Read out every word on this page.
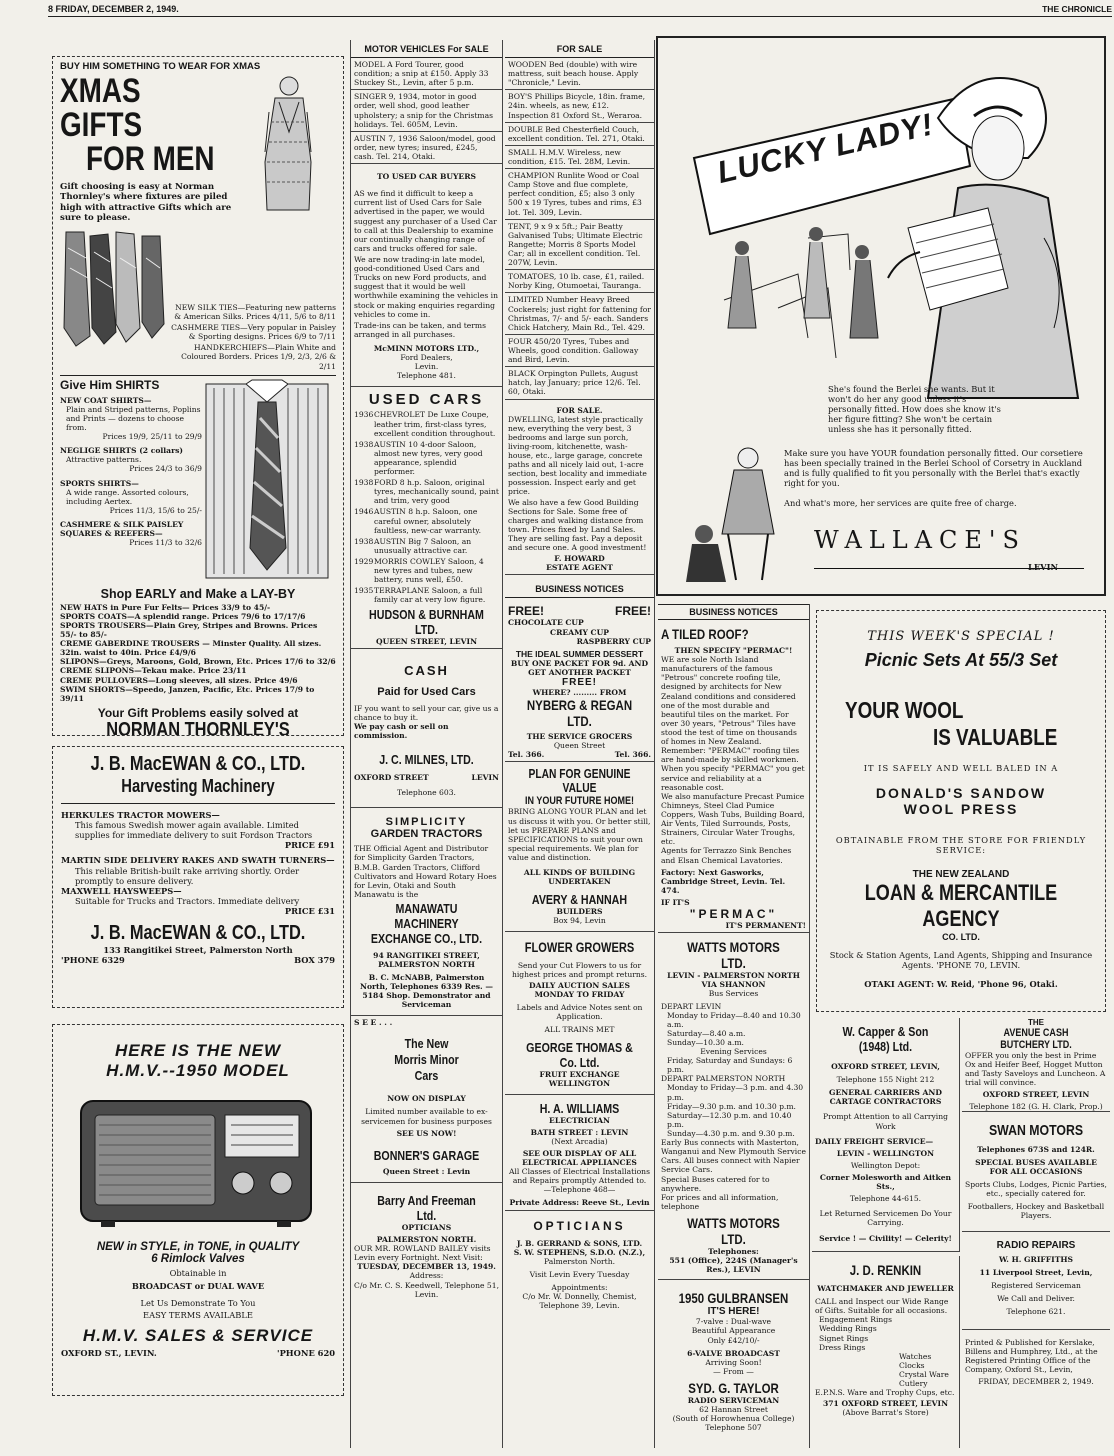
8 FRIDAY, DECEMBER 2, 1949.	THE CHRONICLE
BUY HIM SOMETHING TO WEAR FOR XMAS
XMAS GIFTS
FOR MEN
Gift choosing is easy at Norman Thornley's where fixtures are piled high with attractive Gifts which are sure to please.
NEW SILK TIES—Featuring new patterns & American Silks. Prices 4/11, 5/6 to 8/11
CASHMERE TIES—Very popular in Paisley & Sporting designs. Prices 6/9 to 7/11
HANDKERCHIEFS—Plain White and Coloured Borders. Prices 1/9, 2/3, 2/6 & 2/11
Give Him SHIRTS
NEW COAT SHIRTS—
Plain and Striped patterns, Poplins and Prints — dozens to choose from.
Prices 19/9, 25/11 to 29/9
NEGLIGE SHIRTS (2 collars)
Attractive patterns.
Prices 24/3 to 36/9
SPORTS SHIRTS—
A wide range. Assorted colours, including Aertex.
Prices 11/3, 15/6 to 25/-
CASHMERE & SILK PAISLEY SQUARES & REEFERS—
Prices 11/3 to 32/6
Shop EARLY and Make a LAY-BY
NEW HATS in Pure Fur Felts— Prices 33/9 to 45/-
SPORTS COATS—A splendid range. Prices 79/6 to 17/17/6
SPORTS TROUSERS—Plain Grey, Stripes and Browns. Prices 55/- to 85/-
CREME GABERDINE TROUSERS — Minster Quality. All sizes. 32in. waist to 40in. Price £4/9/6
SLIPONS—Greys, Maroons, Gold, Brown, Etc. Prices 17/6 to 32/6
CREME SLIPONS—Tekau make. Price 23/11
CREME PULLOVERS—Long sleeves, all sizes. Price 49/6
SWIM SHORTS—Speedo, Janzen, Pacific, Etc. Prices 17/9 to 39/11
Your Gift Problems easily solved at
NORMAN THORNLEY'S
J. B. MacEWAN & CO., LTD.
Harvesting Machinery
HERKULES TRACTOR MOWERS—
This famous Swedish mower again available. Limited supplies for immediate delivery to suit Fordson Tractors
PRICE £91
MARTIN SIDE DELIVERY RAKES AND SWATH TURNERS—
This reliable British-built rake arriving shortly. Order promptly to ensure delivery.
MAXWELL HAYSWEEPS—
Suitable for Trucks and Tractors. Immediate delivery
PRICE £31
J. B. MacEWAN & CO., LTD.
133 Rangitikei Street, Palmerston North
'PHONE 6329	BOX 379
HERE IS THE NEW
H.M.V.--1950 MODEL
NEW in STYLE, in TONE, in QUALITY
6 Rimlock Valves
Obtainable in
BROADCAST or DUAL WAVE
Let Us Demonstrate To You
EASY TERMS AVAILABLE
H.M.V. SALES & SERVICE
OXFORD ST., LEVIN.	'PHONE 620
MOTOR VEHICLES For SALE
MODEL A Ford Tourer, good condition; a snip at £150. Apply 33 Stuckey St., Levin, after 5 p.m.
SINGER 9, 1934, motor in good order, well shod, good leather upholstery; a snip for the Christmas holidays. Tel. 605M, Levin.
AUSTIN 7, 1936 Saloon/model, good order, new tyres; insured, £245, cash. Tel. 214, Otaki.
TO USED CAR BUYERS
AS we find it difficult to keep a current list of Used Cars for Sale advertised in the paper, we would suggest any purchaser of a Used Car to call at this Dealership to examine our continually changing range of cars and trucks offered for sale.
We are now trading-in late model, good-conditioned Used Cars and Trucks on new Ford products, and suggest that it would be well worthwhile examining the vehicles in stock or making enquiries regarding vehicles to come in.
Trade-ins can be taken, and terms arranged in all purchases.
McMINN MOTORS LTD.,
Ford Dealers,
Levin.
Telephone 481.
USED CARS
1936 CHEVROLET De Luxe Coupe, leather trim, first-class tyres, excellent condition throughout.
1938 AUSTIN 10 4-door Saloon, almost new tyres, very good appearance, splendid performer.
1938 FORD 8 h.p. Saloon, original tyres, mechanically sound, paint and trim, very good
1946 AUSTIN 8 h.p. Saloon, one careful owner, absolutely faultless, new-car warranty.
1938 AUSTIN Big 7 Saloon, an unusually attractive car.
1929 MORRIS COWLEY Saloon, 4 new tyres and tubes, new battery, runs well, £50.
1935 TERRAPLANE Saloon, a full family car at very low figure.
HUDSON & BURNHAM LTD.
QUEEN STREET, LEVIN
CASH
Paid for Used Cars
IF you want to sell your car, give us a chance to buy it.
We pay cash or sell on commission.
J. C. MILNES, LTD.
OXFORD STREET	LEVIN
Telephone 603.
SIMPLICITY
GARDEN TRACTORS
THE Official Agent and Distributor for Simplicity Garden Tractors, B.M.B. Garden Tractors, Clifford Cultivators and Howard Rotary Hoes for Levin, Otaki and South Manawatu is the
MANAWATU MACHINERY EXCHANGE CO., LTD.
94 RANGITIKEI STREET, PALMERSTON NORTH
B. C. McNABB, Palmerston North, Telephones 6339 Res. — 5184 Shop. Demonstrator and Serviceman
S E E . . .
The New
Morris Minor
Cars
NOW ON DISPLAY
Limited number available to ex-servicemen for business purposes
SEE US NOW!
BONNER'S GARAGE
Queen Street : Levin
Barry And Freeman Ltd.
OPTICIANS
PALMERSTON NORTH.
OUR MR. ROWLAND BAILEY visits Levin every Fortnight. Next Visit:
TUESDAY, DECEMBER 13, 1949.
Address:
C/o Mr. C. S. Keedwell, Telephone 51, Levin.
FOR SALE
WOODEN Bed (double) with wire mattress, suit beach house. Apply "Chronicle," Levin.
BOY'S Phillips Bicycle, 18in. frame, 24in. wheels, as new, £12. Inspection 81 Oxford St., Weraroa.
DOUBLE Bed Chesterfield Couch, excellent condition. Tel. 271, Otaki.
SMALL H.M.V. Wireless, new condition, £15. Tel. 28M, Levin.
CHAMPION Runlite Wood or Coal Camp Stove and flue complete, perfect condition, £5; also 3 only 500 x 19 Tyres, tubes and rims, £3 lot. Tel. 309, Levin.
TENT, 9 x 9 x 5ft.; Pair Beatty Galvanised Tubs; Ultimate Electric Rangette; Morris 8 Sports Model Car; all in excellent condition. Tel. 207W, Levin.
TOMATOES, 10 lb. case, £1, railed. Norby King, Otumoetai, Tauranga.
LIMITED Number Heavy Breed Cockerels; just right for fattening for Christmas, 7/- and 5/- each. Sanders Chick Hatchery, Main Rd., Tel. 429.
FOUR 450/20 Tyres, Tubes and Wheels, good condition. Galloway and Bird, Levin.
BLACK Orpington Pullets, August hatch, lay January; price 12/6. Tel. 60, Otaki.
FOR SALE.
DWELLING, latest style practically new, everything the very best, 3 bedrooms and large sun porch, living-room, kitchenette, wash-house, etc., large garage, concrete paths and all nicely laid out, 1-acre section, best locality and immediate possession. Inspect early and get price.
We also have a few Good Building Sections for Sale. Some free of charges and walking distance from town. Prices fixed by Land Sales. They are selling fast. Pay a deposit and secure one. A good investment!
F. HOWARD
ESTATE AGENT
BUSINESS NOTICES
FREE!	FREE!
CHOCOLATE CUP
CREAMY CUP
RASPBERRY CUP
THE IDEAL SUMMER DESSERT
BUY ONE PACKET FOR 9d. AND GET ANOTHER PACKET
FREE!
WHERE? ......... FROM
NYBERG & REGAN LTD.
THE SERVICE GROCERS
Queen Street
Tel. 366.	Tel. 366.
PLAN FOR GENUINE VALUE
IN YOUR FUTURE HOME!
BRING ALONG YOUR PLAN and let us discuss it with you. Or better still, let us PREPARE PLANS and SPECIFICATIONS to suit your own special requirements. We plan for value and distinction.
ALL KINDS OF BUILDING UNDERTAKEN
AVERY & HANNAH
BUILDERS
Box 94, Levin
FLOWER GROWERS
Send your Cut Flowers to us for highest prices and prompt returns.
DAILY AUCTION SALES MONDAY TO FRIDAY
Labels and Advice Notes sent on Application.
ALL TRAINS MET
GEORGE THOMAS & Co. Ltd.
FRUIT EXCHANGE
WELLINGTON
H. A. WILLIAMS
ELECTRICIAN
BATH STREET : LEVIN
(Next Arcadia)
SEE OUR DISPLAY OF ALL ELECTRICAL APPLIANCES
All Classes of Electrical Installations and Repairs promptly Attended to.
—Telephone 468—
Private Address: Reeve St., Levin
OPTICIANS
J. B. GERRAND & SONS, LTD.
S. W. STEPHENS, S.D.O. (N.Z.),
Palmerston North.
Visit Levin Every Tuesday
Appointments:
C/o Mr. W. Donnelly, Chemist, Telephone 39, Levin.
LUCKY LADY!
She's found the Berlei she wants. But it won't do her any good unless it's personally fitted. How does she know it's her figure fitting? She won't be certain unless she has it personally fitted.
Make sure you have YOUR foundation personally fitted. Our corsetiere has been specially trained in the Berlei School of Corsetry in Auckland and is fully qualified to fit you personally with the Berlei that's exactly right for you.
And what's more, her services are quite free of charge.
WALLACE'S
LEVIN
BUSINESS NOTICES
A TILED ROOF?
THEN SPECIFY "PERMAC"!
WE are sole North Island manufacturers of the famous "Petrous" concrete roofing tile, designed by architects for New Zealand conditions and considered one of the most durable and beautiful tiles on the market. For over 30 years, "Petrous" Tiles have stood the test of time on thousands of homes in New Zealand.
Remember: "PERMAC" roofing tiles are hand-made by skilled workmen. When you specify "PERMAC" you get service and reliability at a reasonable cost.
We also manufacture Precast Pumice Chimneys, Steel Clad Pumice Coppers, Wash Tubs, Building Board, Air Vents, Tiled Surrounds, Posts, Strainers, Circular Water Troughs, etc.
Agents for Terrazzo Sink Benches and Elsan Chemical Lavatories.
Factory: Next Gasworks, Cambridge Street, Levin. Tel. 474.
IF IT'S
"PERMAC"
IT'S PERMANENT!
WATTS MOTORS LTD.
LEVIN - PALMERSTON NORTH
VIA SHANNON
Bus Services
DEPART LEVIN
Monday to Friday—8.40 and 10.30 a.m.
Saturday—8.40 a.m.
Sunday—10.30 a.m.
Evening Services
Friday, Saturday and Sundays: 6 p.m.
DEPART PALMERSTON NORTH
Monday to Friday—3 p.m. and 4.30 p.m.
Friday—9.30 p.m. and 10.30 p.m.
Saturday—12.30 p.m. and 10.40 p.m.
Sunday—4.30 p.m. and 9.30 p.m.
Early Bus connects with Masterton, Wanganui and New Plymouth Service Cars. All buses connect with Napier Service Cars.
Special Buses catered for to anywhere.
For prices and all information, telephone
WATTS MOTORS LTD.
Telephones:
551 (Office), 224S (Manager's Res.), LEVIN
1950 GULBRANSEN
IT'S HERE!
7-valve : Dual-wave
Beautiful Appearance
Only £42/10/-
6-VALVE BROADCAST
Arriving Soon!
— From —
SYD. G. TAYLOR
RADIO SERVICEMAN
62 Hannan Street
(South of Horowhenua College)
Telephone 507
THIS WEEK'S SPECIAL !
Picnic Sets At 55/3 Set
YOUR WOOL
IS VALUABLE
IT IS SAFELY AND WELL BALED IN A
DONALD'S SANDOW
WOOL PRESS
OBTAINABLE FROM THE STORE FOR FRIENDLY SERVICE:
THE NEW ZEALAND
LOAN & MERCANTILE AGENCY
CO. LTD.
Stock & Station Agents, Land Agents, Shipping and Insurance Agents. 'PHONE 70, LEVIN.
OTAKI AGENT: W. Reid, 'Phone 96, Otaki.
W. Capper & Son (1948) Ltd.
OXFORD STREET, LEVIN,
Telephone 155 Night 212
GENERAL CARRIERS AND CARTAGE CONTRACTORS
Prompt Attention to all Carrying Work
DAILY FREIGHT SERVICE—
LEVIN - WELLINGTON
Wellington Depot:
Corner Molesworth and Aitken Sts.,
Telephone 44-615.
Let Returned Servicemen Do Your Carrying.
Service ! — Civility! — Celerity!
J. D. RENKIN
WATCHMAKER AND JEWELLER
CALL and Inspect our Wide Range of Gifts. Suitable for all occasions.
Engagement Rings
Wedding Rings
Signet Rings
Dress Rings
Watches
Clocks
Crystal Ware
Cutlery
E.P.N.S. Ware and Trophy Cups, etc.
371 OXFORD STREET, LEVIN
(Above Barrat's Store)
THE
AVENUE CASH BUTCHERY LTD.
OFFER you only the best in Prime Ox and Heifer Beef, Hogget Mutton and Tasty Saveloys and Luncheon. A trial will convince.
OXFORD STREET, LEVIN
Telephone 182 (G. H. Clark, Prop.)
SWAN MOTORS
Telephones 673S and 124R.
SPECIAL BUSES AVAILABLE FOR ALL OCCASIONS
Sports Clubs, Lodges, Picnic Parties, etc., specially catered for.
Footballers, Hockey and Basketball Players.
RADIO REPAIRS
W. H. GRIFFITHS
11 Liverpool Street, Levin,
Registered Serviceman
We Call and Deliver.
Telephone 621.
Printed & Published for Kerslake, Billens and Humphrey, Ltd., at the Registered Printing Office of the Company, Oxford St., Levin,
FRIDAY, DECEMBER 2, 1949.
